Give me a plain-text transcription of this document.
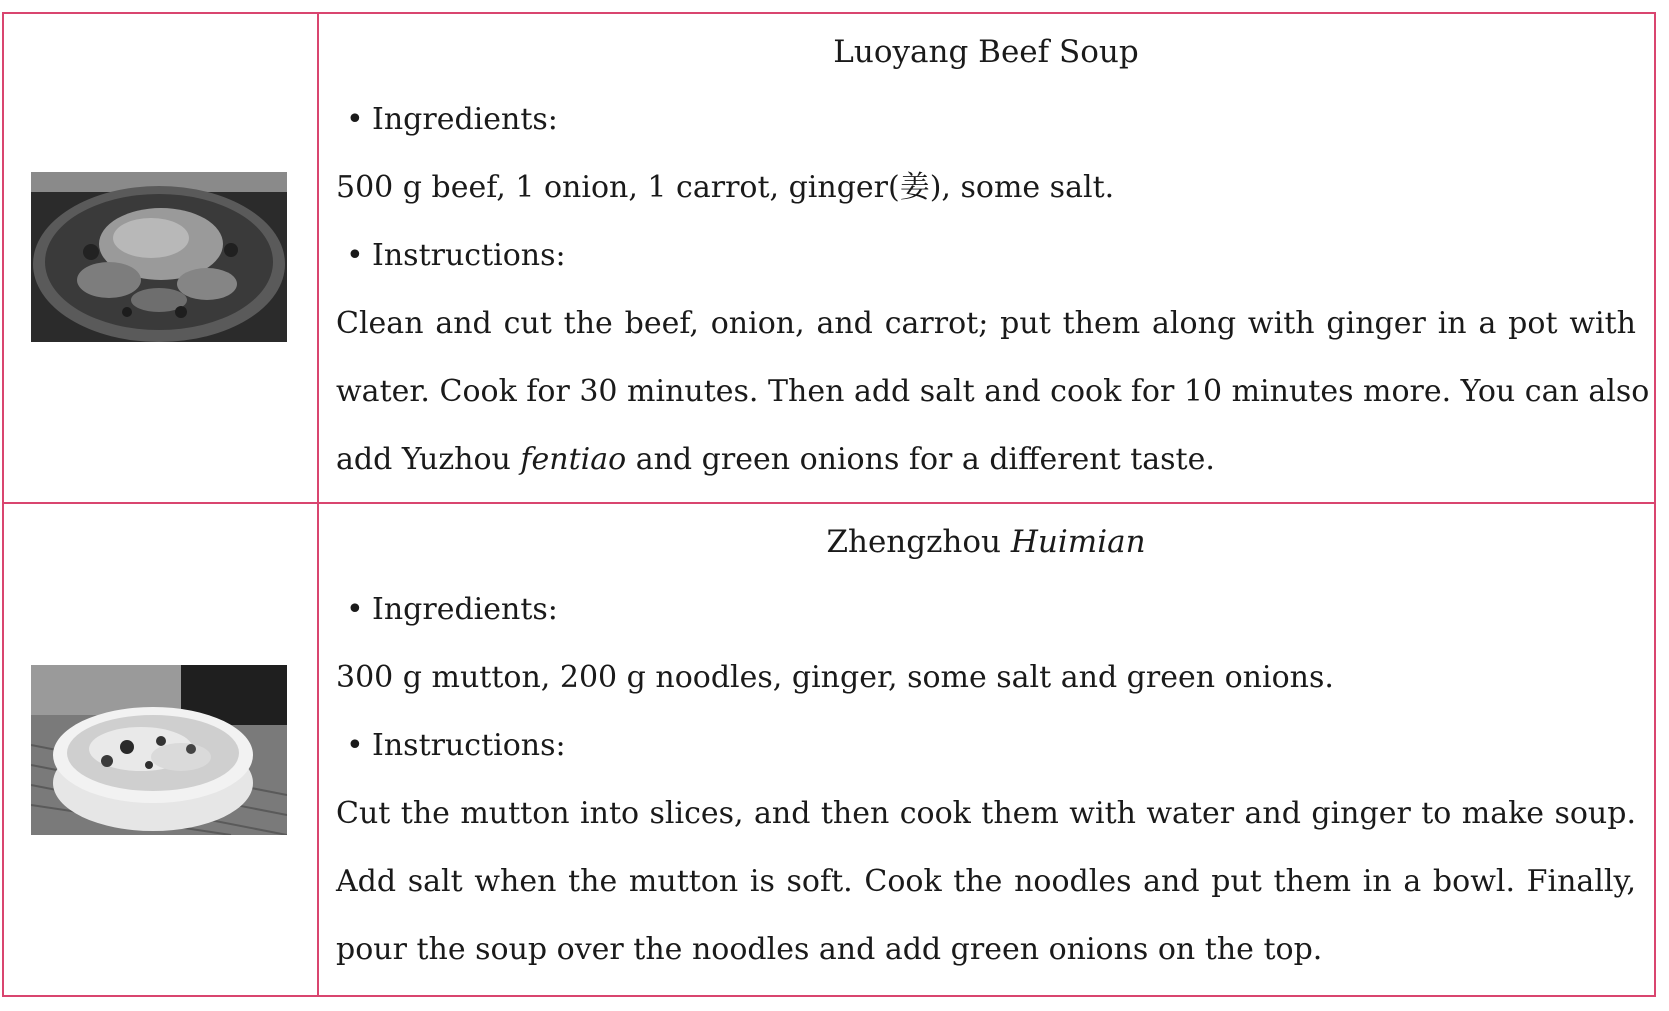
Luoyang Beef Soup
• Ingredients:
500 g beef, 1 onion, 1 carrot, ginger(姜), some salt.
• Instructions:
Clean and cut the beef, onion, and carrot; put them along with ginger in a pot with
water. Cook for 30 minutes. Then add salt and cook for 10 minutes more. You can also
add Yuzhou fentiao and green onions for a different taste.
Zhengzhou Huimian
• Ingredients:
300 g mutton, 200 g noodles, ginger, some salt and green onions.
• Instructions:
Cut the mutton into slices, and then cook them with water and ginger to make soup.
Add salt when the mutton is soft. Cook the noodles and put them in a bowl. Finally,
pour the soup over the noodles and add green onions on the top.
